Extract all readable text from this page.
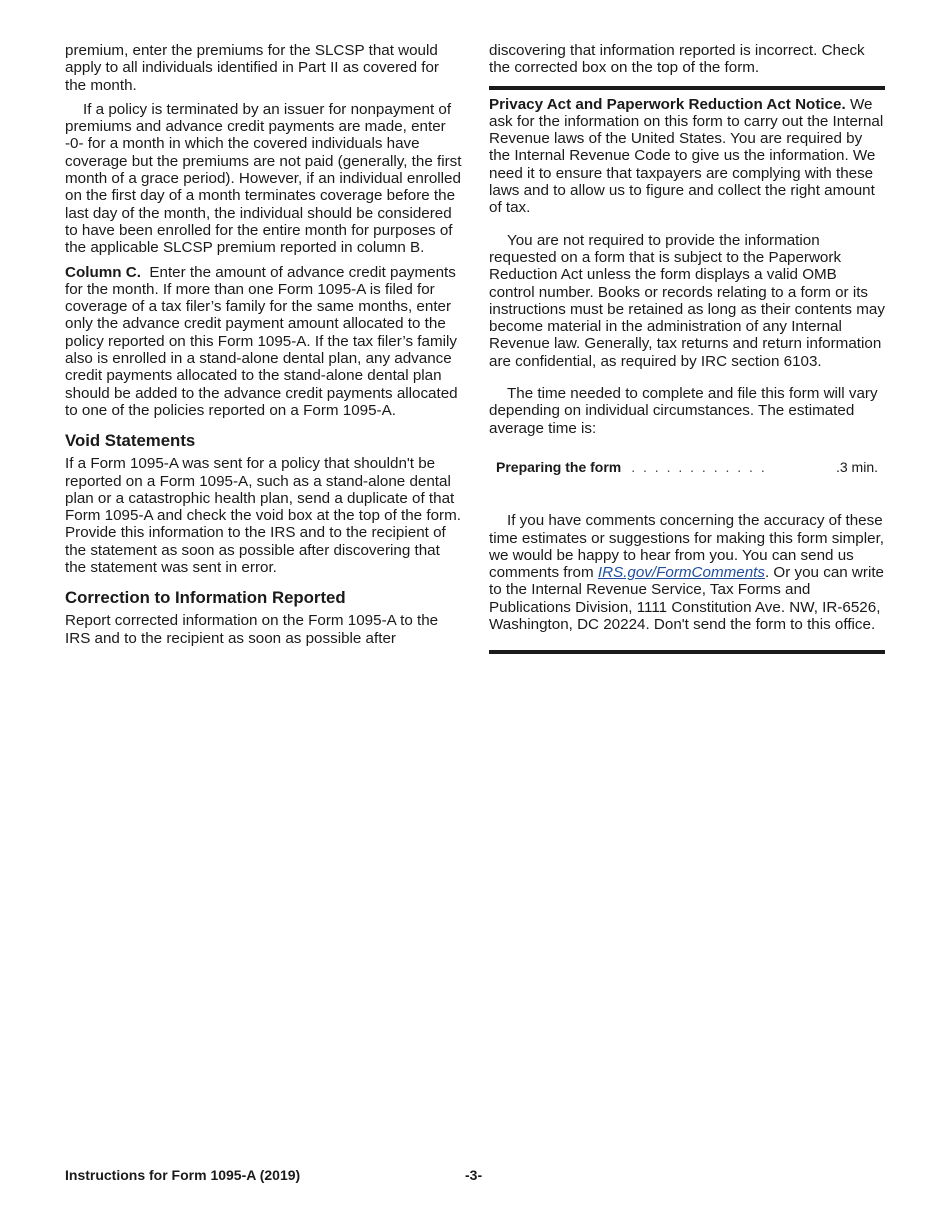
premium, enter the premiums for the SLCSP that would apply to all individuals identified in Part II as covered for the month.

If a policy is terminated by an issuer for nonpayment of premiums and advance credit payments are made, enter -0- for a month in which the covered individuals have coverage but the premiums are not paid (generally, the first month of a grace period). However, if an individual enrolled on the first day of a month terminates coverage before the last day of the month, the individual should be considered to have been enrolled for the entire month for purposes of the applicable SLCSP premium reported in column B.

Column C. Enter the amount of advance credit payments for the month. If more than one Form 1095-A is filed for coverage of a tax filer’s family for the same months, enter only the advance credit payment amount allocated to the policy reported on this Form 1095-A. If the tax filer’s family also is enrolled in a stand-alone dental plan, any advance credit payments allocated to the stand-alone dental plan should be added to the advance credit payments allocated to one of the policies reported on a Form 1095-A.

Void Statements

If a Form 1095-A was sent for a policy that shouldn't be reported on a Form 1095-A, such as a stand-alone dental plan or a catastrophic health plan, send a duplicate of that Form 1095-A and check the void box at the top of the form. Provide this information to the IRS and to the recipient of the statement as soon as possible after discovering that the statement was sent in error.

Correction to Information Reported

Report corrected information on the Form 1095-A to the IRS and to the recipient as soon as possible after

discovering that information reported is incorrect. Check the corrected box on the top of the form.

Privacy Act and Paperwork Reduction Act Notice. We ask for the information on this form to carry out the Internal Revenue laws of the United States. You are required by the Internal Revenue Code to give us the information. We need it to ensure that taxpayers are complying with these laws and to allow us to figure and collect the right amount of tax.

You are not required to provide the information requested on a form that is subject to the Paperwork Reduction Act unless the form displays a valid OMB control number. Books or records relating to a form or its instructions must be retained as long as their contents may become material in the administration of any Internal Revenue law. Generally, tax returns and return information are confidential, as required by IRC section 6103.

The time needed to complete and file this form will vary depending on individual circumstances. The estimated average time is:

Preparing the form . . . . . . . . . . . .	.3 min.

If you have comments concerning the accuracy of these time estimates or suggestions for making this form simpler, we would be happy to hear from you. You can send us comments from IRS.gov/FormComments. Or you can write to the Internal Revenue Service, Tax Forms and Publications Division, 1111 Constitution Ave. NW, IR-6526, Washington, DC 20224. Don't send the form to this office.

Instructions for Form 1095-A (2019)	-3-
